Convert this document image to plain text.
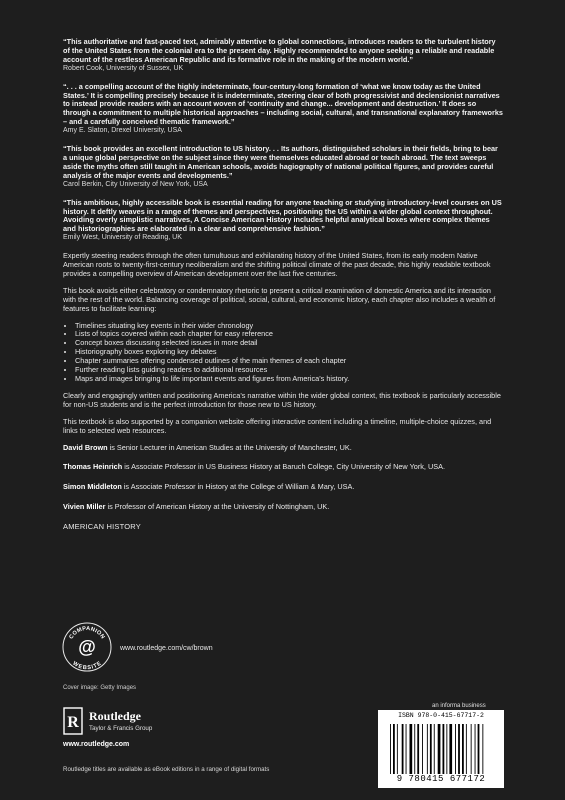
“This authoritative and fast-paced text, admirably attentive to global connections, introduces readers to the turbulent history of the United States from the colonial era to the present day. Highly recommended to anyone seeking a reliable and readable account of the restless American Republic and its formative role in the making of the modern world.”
Robert Cook, University of Sussex, UK
“. . . a compelling account of the highly indeterminate, four-century-long formation of ‘what we know today as the United States.’ It is compelling precisely because it is indeterminate, steering clear of both progressivist and declensionist narratives to instead provide readers with an account woven of ‘continuity and change... development and destruction.’ It does so through a commitment to multiple historical approaches – including social, cultural, and transnational explanatory frameworks – and a carefully conceived thematic framework.”
Amy E. Slaton, Drexel University, USA
“This book provides an excellent introduction to US history. . . Its authors, distinguished scholars in their fields, bring to bear a unique global perspective on the subject since they were themselves educated abroad or teach abroad. The text sweeps aside the myths often still taught in American schools, avoids hagiography of national political figures, and provides careful analysis of the major events and developments.”
Carol Berkin, City University of New York, USA
“This ambitious, highly accessible book is essential reading for anyone teaching or studying introductory-level courses on US history. It deftly weaves in a range of themes and perspectives, positioning the US within a wider global context throughout. Avoiding overly simplistic narratives, A Concise American History includes helpful analytical boxes where complex themes and historiographies are elaborated in a clear and comprehensive fashion.”
Emily West, University of Reading, UK
Expertly steering readers through the often tumultuous and exhilarating history of the United States, from its early modern Native American roots to twenty-first-century neoliberalism and the shifting political climate of the past decade, this highly readable textbook provides a compelling overview of American development over the last five centuries.
This book avoids either celebratory or condemnatory rhetoric to present a critical examination of domestic America and its interaction with the rest of the world. Balancing coverage of political, social, cultural, and economic history, each chapter also includes a wealth of features to facilitate learning:
• Timelines situating key events in their wider chronology
• Lists of topics covered within each chapter for easy reference
• Concept boxes discussing selected issues in more detail
• Historiography boxes exploring key debates
• Chapter summaries offering condensed outlines of the main themes of each chapter
• Further reading lists guiding readers to additional resources
• Maps and images bringing to life important events and figures from America’s history.
Clearly and engagingly written and positioning America’s narrative within the wider global context, this textbook is particularly accessible for non-US students and is the perfect introduction for those new to US history.
This textbook is also supported by a companion website offering interactive content including a timeline, multiple-choice quizzes, and links to selected web resources.
David Brown is Senior Lecturer in American Studies at the University of Manchester, UK.
Thomas Heinrich is Associate Professor in US Business History at Baruch College, City University of New York, USA.
Simon Middleton is Associate Professor in History at the College of William & Mary, USA.
Vivien Miller is Professor of American History at the University of Nottingham, UK.
AMERICAN HISTORY
COMPANION
WEBSITE
@	www.routledge.com/cw/brown
Cover image: Getty Images
R Routledge
Taylor & Francis Group
www.routledge.com
an informa business
ISBN 978-0-415-67717-2
9 780415 677172
Routledge titles are available as eBook editions in a range of digital formats
